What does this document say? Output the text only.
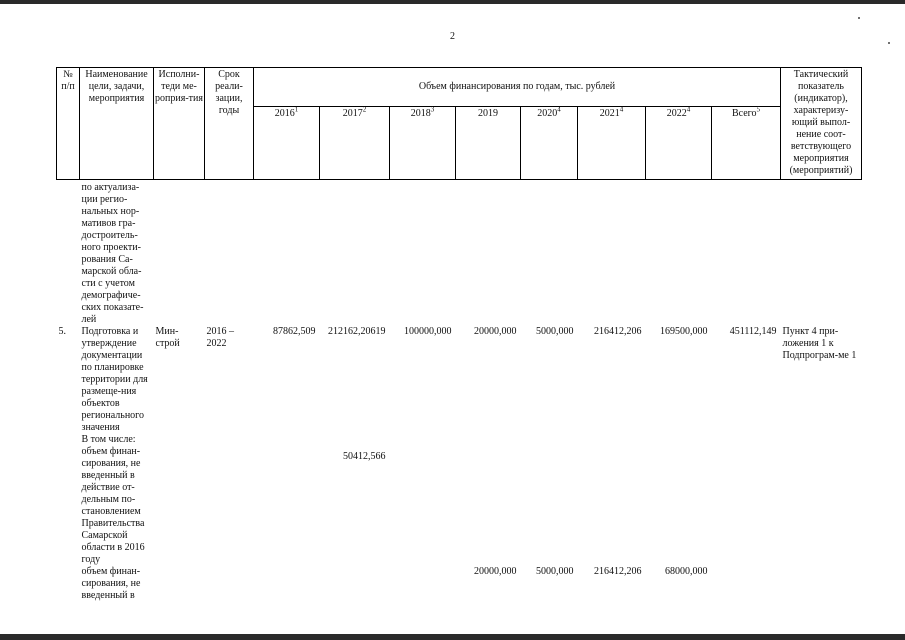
2
№ п/п	Наименование цели, задачи, мероприятия	Исполни-теди ме-роприя-тия	Срок реали-зации, годы	Объем финансирования по годам, тыс. рублей								Тактический показатель (индикатор), характеризу-ющий выпол-нение соот-ветствующего мероприятия (мероприятий)
				2016$^1$	2017$^2$	2018$^3$	2019	2020$^4$	2021$^4$	2022$^4$	Всего$^5$
	по актуализа-ции регио-нальных нор-мативов гра-достроитель-ного проекти-рования Са-марской обла-сти с учетом демографиче-ских показате-лей											
5.	Подготовка и утверждение документации по планировке территории для размеще-ния объектов регионального значения	Мин-строй	2016 – 2022	87862,509	212162,20619	100000,000	20000,000	5000,000	216412,206	169500,000	451112,149	Пункт 4 при-ложения 1 к Подпрограм-ме 1
	В том числе:											
	объем финан-сирования, не введенный в действие от-дельным по-становлением Правительства Самарской области в 2016 году				50412,566							
	объем финан-сирования, не введенный в						20000,000	5000,000	216412,206	68000,000		
